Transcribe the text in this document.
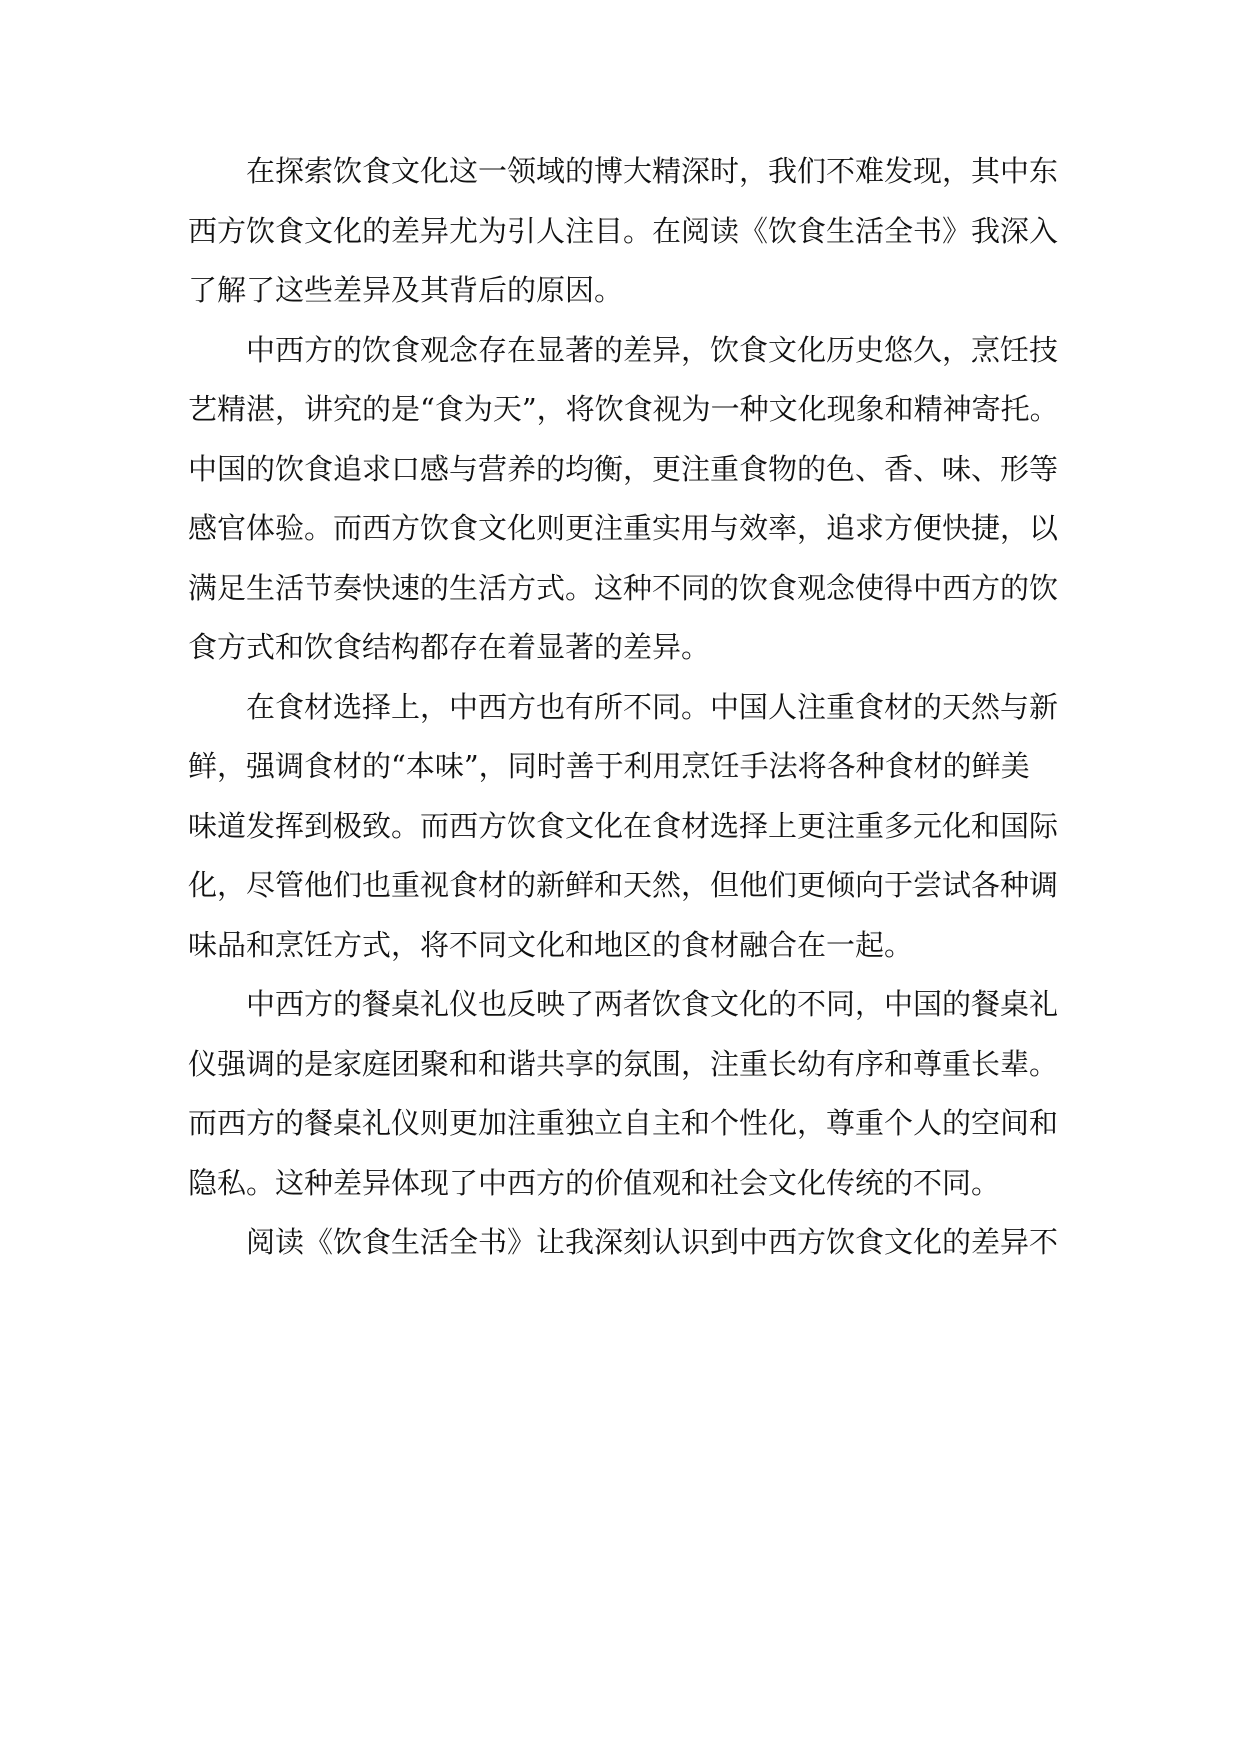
在探索饮食文化这一领域的博大精深时，我们不难发现，其中东
西方饮食文化的差异尤为引人注目。在阅读《饮食生活全书》我深入
了解了这些差异及其背后的原因。
中西方的饮食观念存在显著的差异，饮食文化历史悠久，烹饪技
艺精湛，讲究的是“食为天”，将饮食视为一种文化现象和精神寄托。
中国的饮食追求口感与营养的均衡，更注重食物的色、香、味、形等
感官体验。而西方饮食文化则更注重实用与效率，追求方便快捷，以
满足生活节奏快速的生活方式。这种不同的饮食观念使得中西方的饮
食方式和饮食结构都存在着显著的差异。
在食材选择上，中西方也有所不同。中国人注重食材的天然与新
鲜，强调食材的“本味”，同时善于利用烹饪手法将各种食材的鲜美
味道发挥到极致。而西方饮食文化在食材选择上更注重多元化和国际
化，尽管他们也重视食材的新鲜和天然，但他们更倾向于尝试各种调
味品和烹饪方式，将不同文化和地区的食材融合在一起。
中西方的餐桌礼仪也反映了两者饮食文化的不同，中国的餐桌礼
仪强调的是家庭团聚和和谐共享的氛围，注重长幼有序和尊重长辈。
而西方的餐桌礼仪则更加注重独立自主和个性化，尊重个人的空间和
隐私。这种差异体现了中西方的价值观和社会文化传统的不同。
阅读《饮食生活全书》让我深刻认识到中西方饮食文化的差异不
